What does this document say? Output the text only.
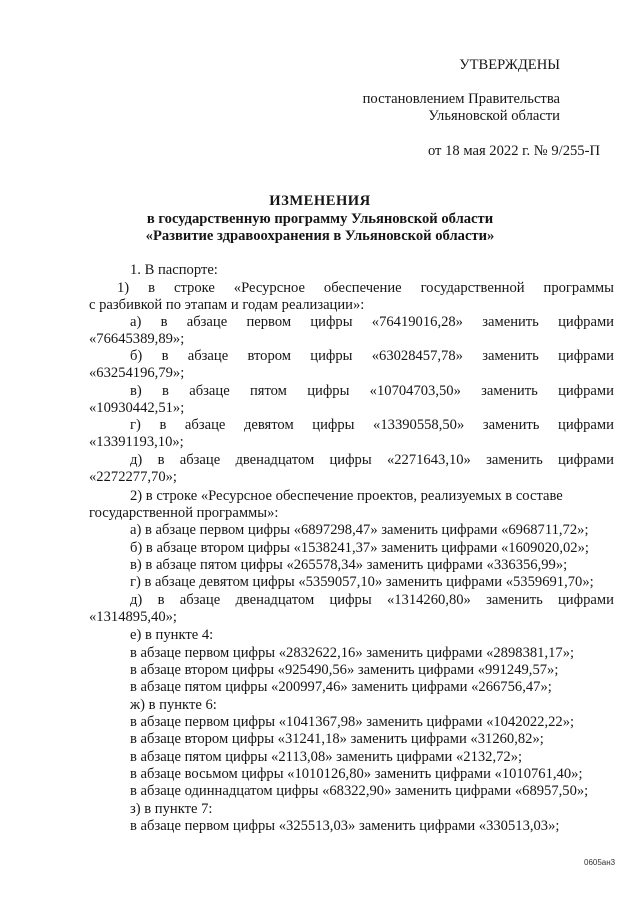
УТВЕРЖДЕНЫ
постановлением Правительства
Ульяновской области
от 18 мая 2022 г. № 9/255-П
ИЗМЕНЕНИЯ
в государственную программу Ульяновской области
«Развитие здравоохранения в Ульяновской области»
1. В паспорте:
1) в строке «Ресурсное обеспечение государственной программы
с разбивкой по этапам и годам реализации»:
а) в абзаце первом цифры «76419016,28» заменить цифрами
«76645389,89»;
б) в абзаце втором цифры «63028457,78» заменить цифрами
«63254196,79»;
в) в абзаце пятом цифры «10704703,50» заменить цифрами
«10930442,51»;
г) в абзаце девятом цифры «13390558,50» заменить цифрами
«13391193,10»;
д) в абзаце двенадцатом цифры «2271643,10» заменить цифрами
«2272277,70»;
2) в строке «Ресурсное обеспечение проектов, реализуемых в составе
государственной программы»:
а) в абзаце первом цифры «6897298,47» заменить цифрами «6968711,72»;
б) в абзаце втором цифры «1538241,37» заменить цифрами «1609020,02»;
в) в абзаце пятом цифры «265578,34» заменить цифрами «336356,99»;
г) в абзаце девятом цифры «5359057,10» заменить цифрами «5359691,70»;
д) в абзаце двенадцатом цифры «1314260,80» заменить цифрами
«1314895,40»;
е) в пункте 4:
в абзаце первом цифры «2832622,16» заменить цифрами «2898381,17»;
в абзаце втором цифры «925490,56» заменить цифрами «991249,57»;
в абзаце пятом цифры «200997,46» заменить цифрами «266756,47»;
ж) в пункте 6:
в абзаце первом цифры «1041367,98» заменить цифрами «1042022,22»;
в абзаце втором цифры «31241,18» заменить цифрами «31260,82»;
в абзаце пятом цифры «2113,08» заменить цифрами «2132,72»;
в абзаце восьмом цифры «1010126,80» заменить цифрами «1010761,40»;
в абзаце одиннадцатом цифры «68322,90» заменить цифрами «68957,50»;
з) в пункте 7:
в абзаце первом цифры «325513,03» заменить цифрами «330513,03»;
0605ан3
